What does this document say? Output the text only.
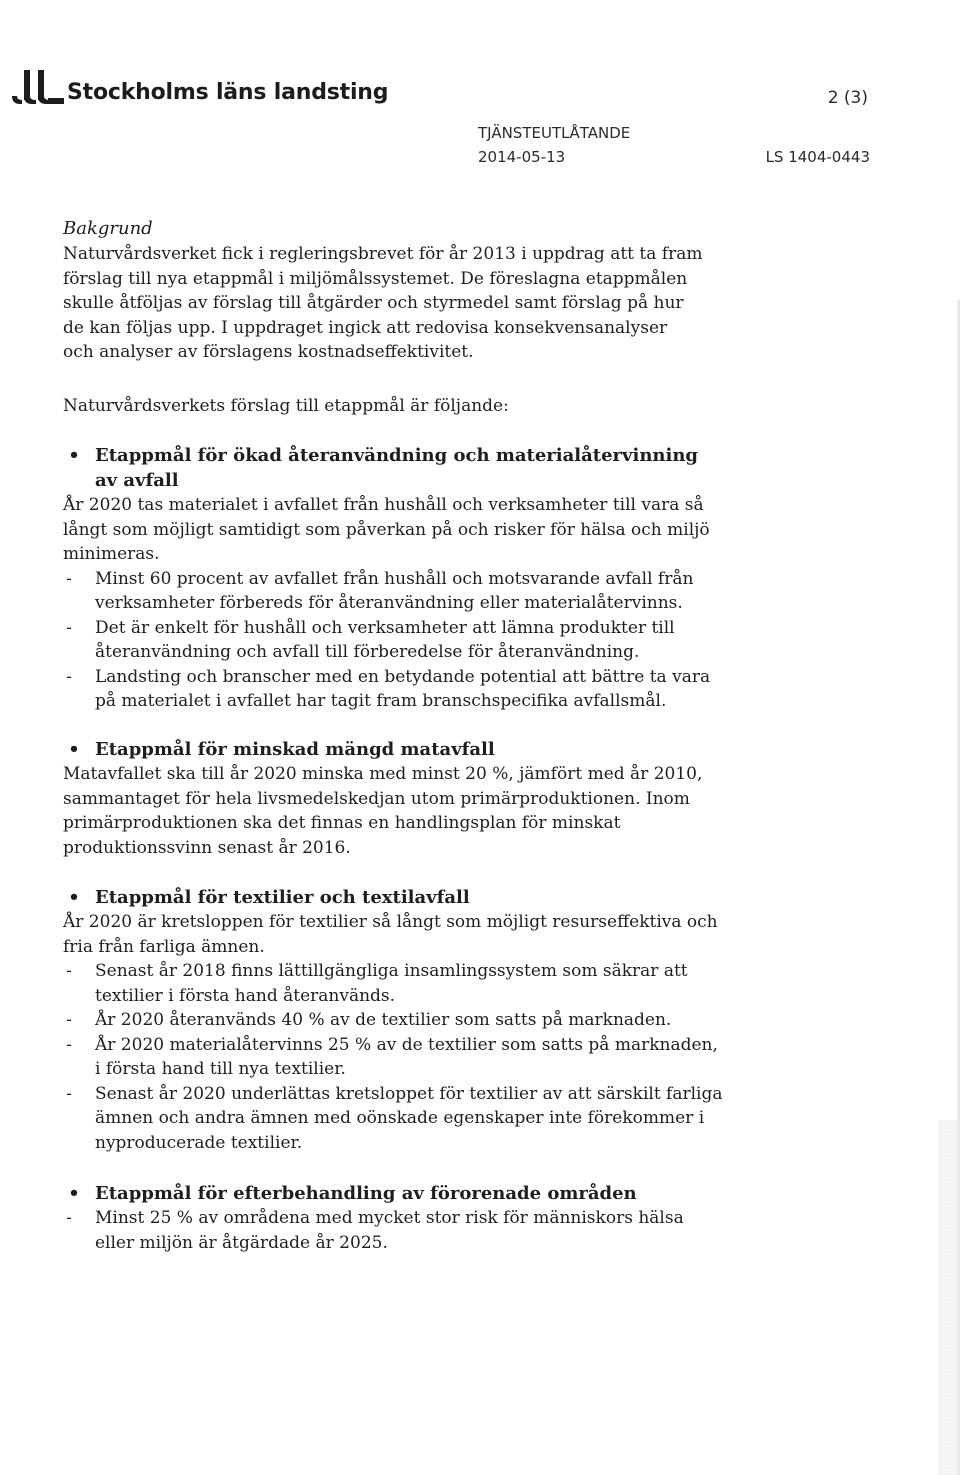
Stockholms läns landsting	2 (3)
TJÄNSTEUTLÅTANDE
2014-05-13	LS 1404-0443
Bakgrund
Naturvårdsverket fick i regleringsbrevet för år 2013 i uppdrag att ta fram förslag till nya etappmål i miljömålssystemet. De föreslagna etappmålen skulle åtföljas av förslag till åtgärder och styrmedel samt förslag på hur de kan följas upp. I uppdraget ingick att redovisa konsekvensanalyser och analyser av förslagens kostnadseffektivitet.
Naturvårdsverkets förslag till etappmål är följande:
• Etappmål för ökad återanvändning och materialåtervinning av avfall

År 2020 tas materialet i avfallet från hushåll och verksamheter till vara så långt som möjligt samtidigt som påverkan på och risker för hälsa och miljö minimeras.

- Minst 60 procent av avfallet från hushåll och motsvarande avfall från verksamheter förbereds för återanvändning eller materialåtervinns.
- Det är enkelt för hushåll och verksamheter att lämna produkter till återanvändning och avfall till förberedelse för återanvändning.
- Landsting och branscher med en betydande potential att bättre ta vara på materialet i avfallet har tagit fram branschspecifika avfallsmål.
• Etappmål för minskad mängd matavfall

Matavfallet ska till år 2020 minska med minst 20 %, jämfört med år 2010, sammantaget för hela livsmedelskedjan utom primärproduktionen. Inom primärproduktionen ska det finnas en handlingsplan för minskat produktionssvinn senast år 2016.

• Etappmål för textilier och textilavfall

År 2020 är kretsloppen för textilier så långt som möjligt resurseffektiva och fria från farliga ämnen.

- Senast år 2018 finns lättillgängliga insamlingssystem som säkrar att textilier i första hand återanvänds.
- År 2020 återanvänds 40 % av de textilier som satts på marknaden.
- År 2020 materialåtervinns 25 % av de textilier som satts på marknaden, i första hand till nya textilier.
- Senast år 2020 underlättas kretsloppet för textilier av att särskilt farliga ämnen och andra ämnen med oönskade egenskaper inte förekommer i nyproducerade textilier.
• Etappmål för efterbehandling av förorenade områden
- Minst 25 % av områdena med mycket stor risk för människors hälsa eller miljön är åtgärdade år 2025.
